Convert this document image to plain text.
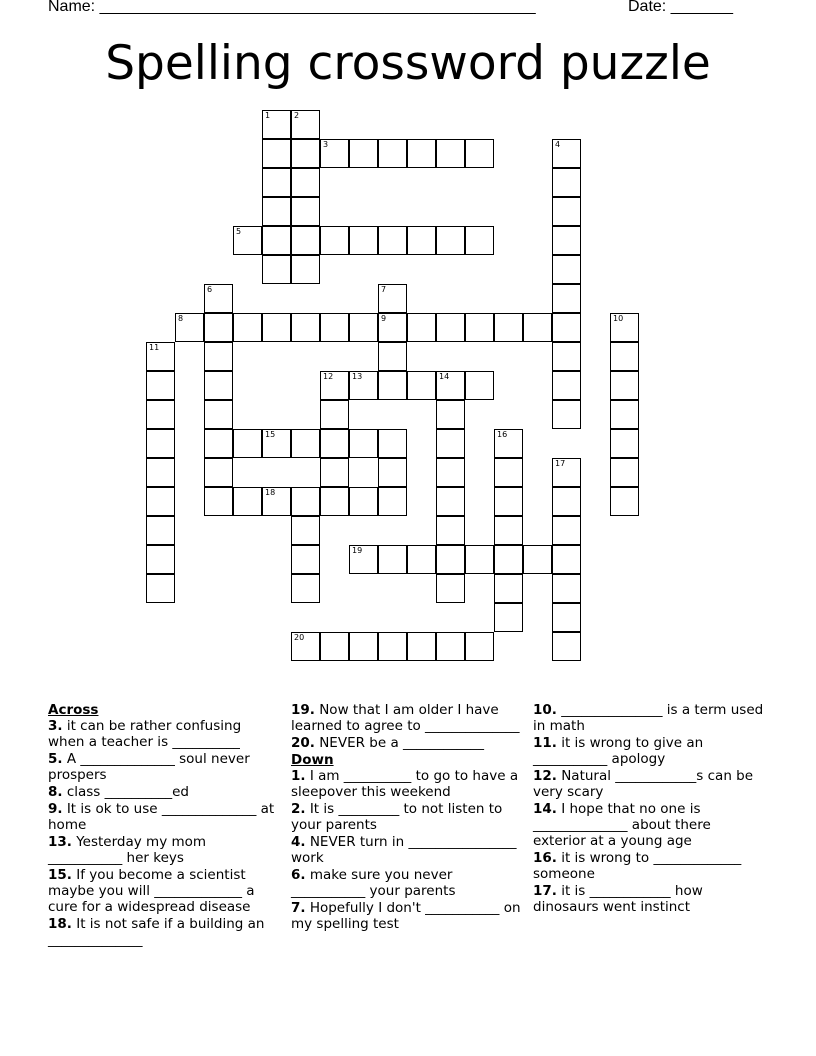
Name: _________________________________________________	Date: _______
Spelling crossword puzzle
1	2
3	4
5
6	7
8	9	10
11
12 13	14
15	16
17
18
19
20
Across
3. it can be rather confusing when a teacher is __________
5. A ______________ soul never prospers
8. class __________ed
9. It is ok to use ______________ at home
13. Yesterday my mom ___________ her keys
15. If you become a scientist maybe you will _____________ a cure for a widespread disease
18. It is not safe if a building an ______________
19. Now that I am older I have learned to agree to ______________
20. NEVER be a ____________
Down
1. I am __________ to go to have a sleepover this weekend
2. It is _________ to not listen to your parents
4. NEVER turn in ________________ work
6. make sure you never ___________ your parents
7. Hopefully I don't ___________ on my spelling test
10. _______________ is a term used in math
11. it is wrong to give an ___________ apology
12. Natural ____________s can be very scary
14. I hope that no one is ______________ about there exterior at a young age
16. it is wrong to _____________ someone
17. it is ____________ how dinosaurs went instinct
